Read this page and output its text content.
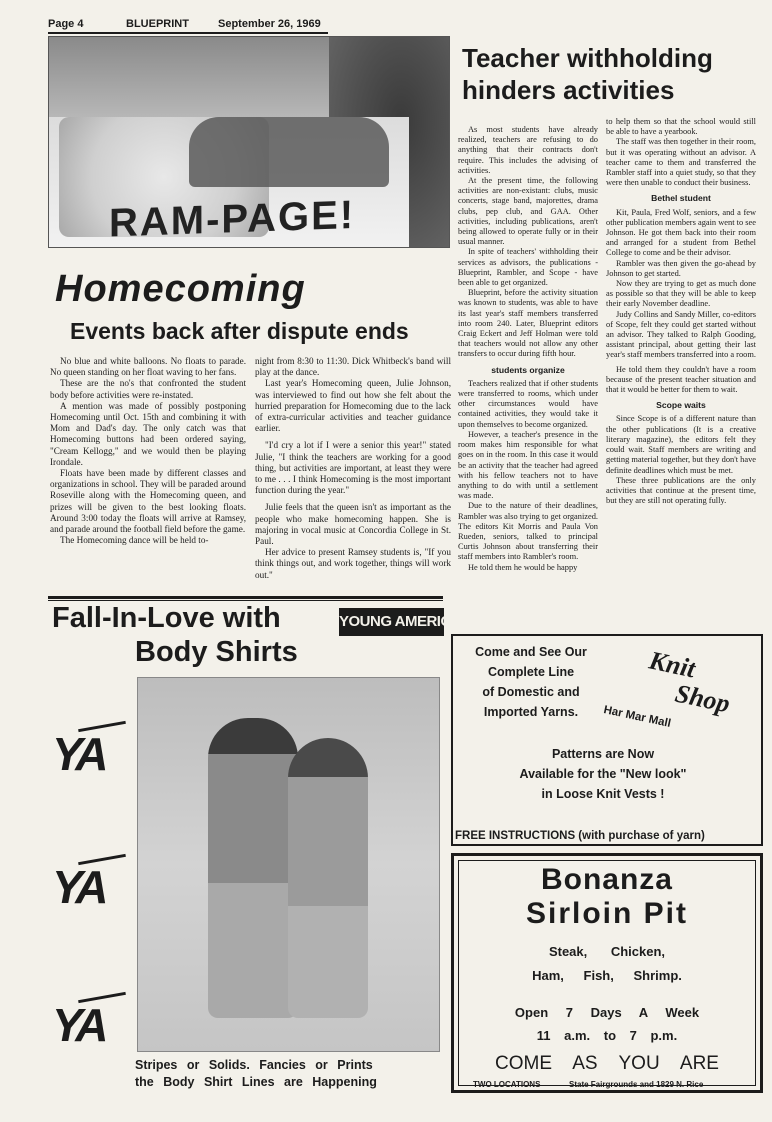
Page 4	BLUEPRINT	September 26, 1969
RAM-PAGE!
Homecoming
Events back after dispute ends

No blue and white balloons. No floats to parade. No queen standing on her float waving to her fans.

These are the no's that confronted the student body before activities were re-instated.

A mention was made of possibly postponing Homecoming until Oct. 15th and combining it with Mom and Dad's day. The only catch was that Homecoming buttons had been ordered saying, "Cream Kellogg," and we would then be playing Irondale.

Floats have been made by different classes and organizations in school. They will be paraded around Roseville along with the Homecoming queen, and prizes will be given to the best looking floats. Around 3:00 today the floats will arrive at Ramsey, and parade around the football field before the game.

The Homecoming dance will be held to-

night from 8:30 to 11:30. Dick Whitbeck's band will play at the dance.

Last year's Homecoming queen, Julie Johnson, was interviewed to find out how she felt about the hurried preparation for Homecoming due to the lack of extra-curricular activities and teacher guidance earlier.

"I'd cry a lot if I were a senior this year!" stated Julie, "I think the teachers are working for a good thing, but activities are important, at least they were to me . . . I think Homecoming is the most important function during the year."

Julie feels that the queen isn't as important as the people who make homecoming happen. She is majoring in vocal music at Concordia College in St. Paul.

Her advice to present Ramsey students is, "If you think things out, and work together, things will work out."

Teacher withholding hinders activities

As most students have already realized, teachers are refusing to do anything that their contracts don't require. This includes the advising of activities.

At the present time, the following activities are non-existant: clubs, music concerts, stage band, majorettes, drama clubs, pep club, and GAA. Other activities, including publications, aren't being allowed to operate fully or in their usual manner.

In spite of teachers' withholding their services as advisors, the publications - Blueprint, Rambler, and Scope - have been able to get organized.

Blueprint, before the activity situation was known to students, was able to have its last year's staff members transferred into room 240. Later, Blueprint editors Craig Eckert and Jeff Holman were told that teachers would not allow any other transfers to occur during fifth hour.

students organize

Teachers realized that if other students were transferred to rooms, which under other circumstances would have contained activities, they would take it upon themselves to become organized.

However, a teacher's presence in the room makes him responsible for what goes on in the room. In this case it would be an activity that the teacher had agreed with his fellow teachers not to have anything to do with until a settlement was made.

Due to the nature of their deadlines, Rambler was also trying to get organized. The editors Kit Morris and Paula Von Rueden, seniors, talked to principal Curtis Johnson about transferring their staff members into Rambler's room.

He told them he would be happy

to help them so that the school would still be able to have a yearbook.

The staff was then together in their room, but it was operating without an advisor. A teacher came to them and transferred the Rambler staff into a quiet study, so that they were then unable to conduct their business.

Bethel student

Kit, Paula, Fred Wolf, seniors, and a few other publication members again went to see Johnson. He got them back into their room and arranged for a student from Bethel College to come and be their advisor.

Rambler was then given the go-ahead by Johnson to get started.

Now they are trying to get as much done as possible so that they will be able to keep their early November deadline.

Judy Collins and Sandy Miller, co-editors of Scope, felt they could get started without an advisor. They talked to Ralph Gooding, assistant principal, about getting their last year's staff members transferred into a room.

He told them they couldn't have a room because of the present teacher situation and that it would be better for them to wait.

Scope waits

Since Scope is of a different nature than the other publications (It is a creative literary magazine), the editors felt they could wait. Staff members are writing and getting material together, but they don't have definite deadlines which must be met.

These three publications are the only activities that continue at the present time, but they are still not operating fully.

Fall-In-Love with
Body Shirts
YOUNG AMERICA
YA
YA
YA
Stripes or Solids. Fancies or Prints
the Body Shirt Lines are Happening
Come and See Our
Complete Line
of Domestic and
Imported Yarns.
Knit
Shop
Har Mar Mall
Patterns are Now
Available for the "New look"
in Loose Knit Vests !
FREE INSTRUCTIONS (with purchase of yarn)
Bonanza
Sirloin Pit
Steak, Chicken,
Ham, Fish, Shrimp.
Open 7 Days A Week
11 a.m. to 7 p.m.
COME AS YOU ARE
TWO LOCATIONS	State Fairgrounds and 1829 N. Rice
